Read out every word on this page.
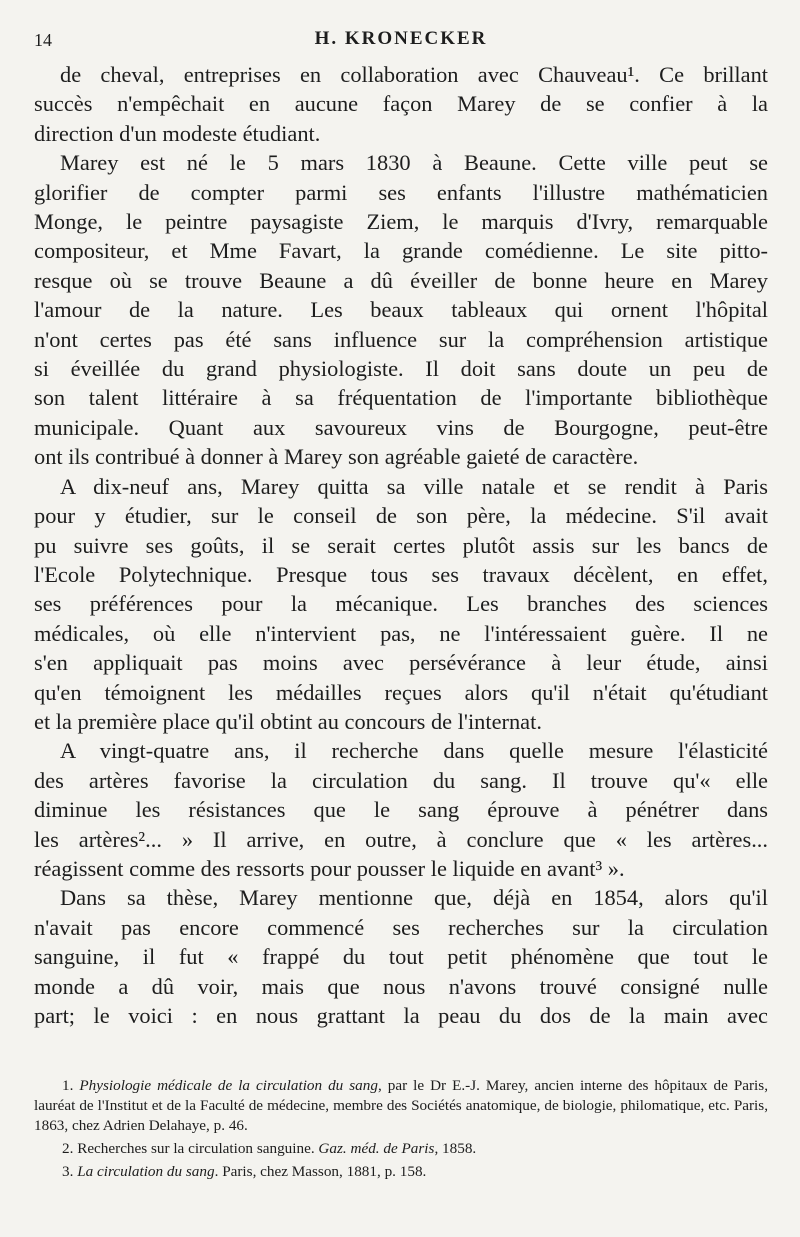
14	H. KRONECKER

de cheval, entreprises en collaboration avec Chauveau¹. Ce brillant

succès n'empêchait en aucune façon Marey de se confier à la

direction d'un modeste étudiant.

Marey est né le 5 mars 1830 à Beaune. Cette ville peut se

glorifier de compter parmi ses enfants l'illustre mathématicien

Monge, le peintre paysagiste Ziem, le marquis d'Ivry, remarquable

compositeur, et Mme Favart, la grande comédienne. Le site pitto-

resque où se trouve Beaune a dû éveiller de bonne heure en Marey

l'amour de la nature. Les beaux tableaux qui ornent l'hôpital

n'ont certes pas été sans influence sur la compréhension artistique

si éveillée du grand physiologiste. Il doit sans doute un peu de

son talent littéraire à sa fréquentation de l'importante bibliothèque

municipale. Quant aux savoureux vins de Bourgogne, peut-être

ont ils contribué à donner à Marey son agréable gaieté de caractère.

A dix-neuf ans, Marey quitta sa ville natale et se rendit à Paris

pour y étudier, sur le conseil de son père, la médecine. S'il avait

pu suivre ses goûts, il se serait certes plutôt assis sur les bancs de

l'Ecole Polytechnique. Presque tous ses travaux décèlent, en effet,

ses préférences pour la mécanique. Les branches des sciences

médicales, où elle n'intervient pas, ne l'intéressaient guère. Il ne

s'en appliquait pas moins avec persévérance à leur étude, ainsi

qu'en témoignent les médailles reçues alors qu'il n'était qu'étudiant

et la première place qu'il obtint au concours de l'internat.

A vingt-quatre ans, il recherche dans quelle mesure l'élasticité

des artères favorise la circulation du sang. Il trouve qu'« elle

diminue les résistances que le sang éprouve à pénétrer dans

les artères²... » Il arrive, en outre, à conclure que « les artères...

réagissent comme des ressorts pour pousser le liquide en avant³ ».

Dans sa thèse, Marey mentionne que, déjà en 1854, alors qu'il

n'avait pas encore commencé ses recherches sur la circulation

sanguine, il fut « frappé du tout petit phénomène que tout le

monde a dû voir, mais que nous n'avons trouvé consigné nulle

part; le voici : en nous grattant la peau du dos de la main avec

1. Physiologie médicale de la circulation du sang, par le Dr E.-J. Marey, ancien interne des hôpitaux de Paris, lauréat de l'Institut et de la Faculté de médecine, membre des Sociétés anatomique, de biologie, philomatique, etc. Paris, 1863, chez Adrien Delahaye, p. 46.

2. Recherches sur la circulation sanguine. Gaz. méd. de Paris, 1858.

3. La circulation du sang. Paris, chez Masson, 1881, p. 158.
